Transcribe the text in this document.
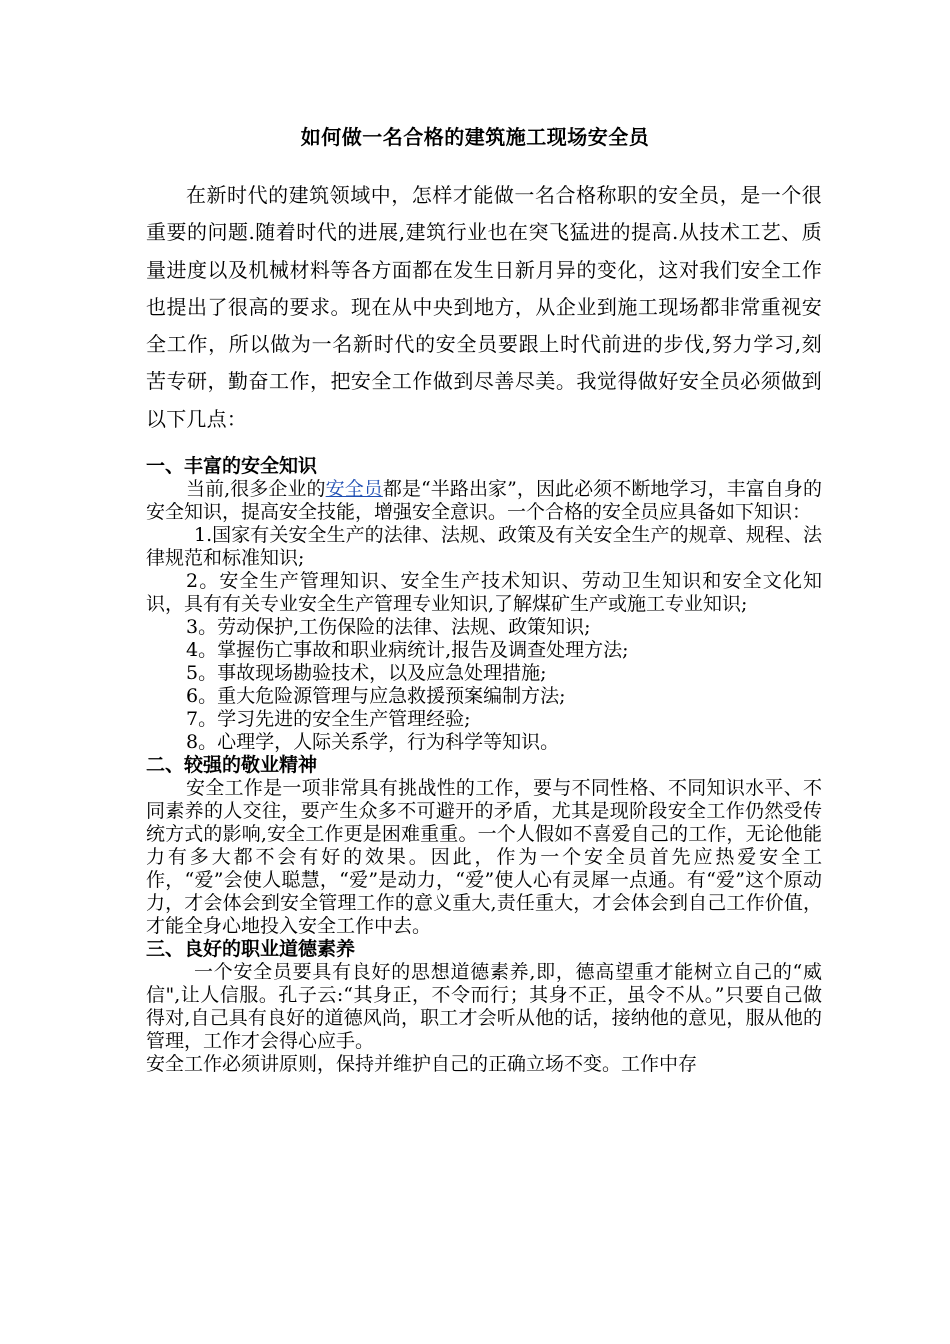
如何做一名合格的建筑施工现场安全员

在新时代的建筑领域中，怎样才能做一名合格称职的安全员，是一个很重要的问题.随着时代的进展,建筑行业也在突飞猛进的提高.从技术工艺、质量进度以及机械材料等各方面都在发生日新月异的变化，这对我们安全工作也提出了很高的要求。现在从中央到地方，从企业到施工现场都非常重视安全工作，所以做为一名新时代的安全员要跟上时代前进的步伐,努力学习,刻苦专研，勤奋工作，把安全工作做到尽善尽美。我觉得做好安全员必须做到以下几点：

一、丰富的安全知识

当前,很多企业的安全员都是“半路出家”，因此必须不断地学习，丰富自身的安全知识，提高安全技能，增强安全意识。一个合格的安全员应具备如下知识：

1.国家有关安全生产的法律、法规、政策及有关安全生产的规章、规程、法律规范和标准知识;

2。安全生产管理知识、安全生产技术知识、劳动卫生知识和安全文化知识，具有有关专业安全生产管理专业知识,了解煤矿生产或施工专业知识;

3。劳动保护,工伤保险的法律、法规、政策知识;

4。掌握伤亡事故和职业病统计,报告及调查处理方法;

5。事故现场勘验技术，以及应急处理措施;

6。重大危险源管理与应急救援预案编制方法;

7。学习先进的安全生产管理经验;

8。心理学，人际关系学，行为科学等知识。

二、较强的敬业精神

安全工作是一项非常具有挑战性的工作，要与不同性格、不同知识水平、不同素养的人交往，要产生众多不可避开的矛盾，尤其是现阶段安全工作仍然受传统方式的影响,安全工作更是困难重重。一个人假如不喜爱自己的工作，无论他能力有多大都不会有好的效果。因此，作为一个安全员首先应热爱安全工作，“爱”会使人聪慧，“爱”是动力，“爱”使人心有灵犀一点通。有“爱”这个原动力，才会体会到安全管理工作的意义重大,责任重大，才会体会到自己工作价值，才能全身心地投入安全工作中去。

三、良好的职业道德素养

一个安全员要具有良好的思想道德素养,即，德高望重才能树立自己的“威信",让人信服。孔子云:“其身正，不令而行；其身不正，虽令不从。”只要自己做得对,自己具有良好的道德风尚，职工才会听从他的话，接纳他的意见，服从他的管理，工作才会得心应手。

安全工作必须讲原则，保持并维护自己的正确立场不变。工作中存
